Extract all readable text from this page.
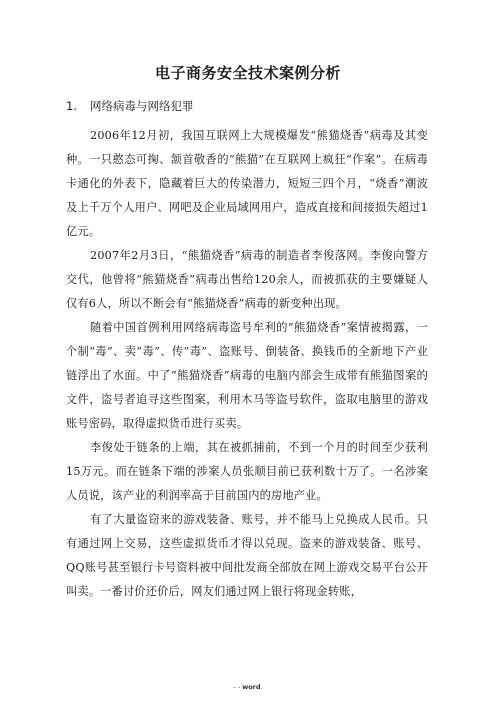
电子商务安全技术案例分析
1. 网络病毒与网络犯罪

2006年12月初，我国互联网上大规模爆发“熊猫烧香”病毒及其变种。一只憨态可掬、颔首敬香的“熊猫”在互联网上疯狂“作案”。在病毒卡通化的外表下，隐藏着巨大的传染潜力，短短三四个月，“烧香”潮波及上千万个人用户、网吧及企业局域网用户，造成直接和间接损失超过1亿元。

2007年2月3日，“熊猫烧香”病毒的制造者李俊落网。李俊向警方交代，他曾将“熊猫烧香”病毒出售给120余人，而被抓获的主要嫌疑人仅有6人，所以不断会有“熊猫烧香”病毒的新变种出现。

随着中国首例利用网络病毒盗号牟利的“熊猫烧香”案情被揭露，一个制“毒”、卖“毒”、传“毒”、盗账号、倒装备、换钱币的全新地下产业链浮出了水面。中了“熊猫烧香”病毒的电脑内部会生成带有熊猫图案的文件，盗号者追寻这些图案，利用木马等盗号软件，盗取电脑里的游戏账号密码，取得虚拟货币进行买卖。

李俊处于链条的上端，其在被抓捕前，不到一个月的时间至少获利15万元。而在链条下端的涉案人员张顺目前已获利数十万了。一名涉案人员说，该产业的利润率高于目前国内的房地产业。

有了大量盗窃来的游戏装备、账号，并不能马上兑换成人民币。只有通过网上交易，这些虚拟货币才得以兑现。盗来的游戏装备、账号、QQ账号甚至银行卡号资料被中间批发商全部放在网上游戏交易平台公开叫卖。一番讨价还价后，网友们通过网上银行将现金转账，

- - word.
